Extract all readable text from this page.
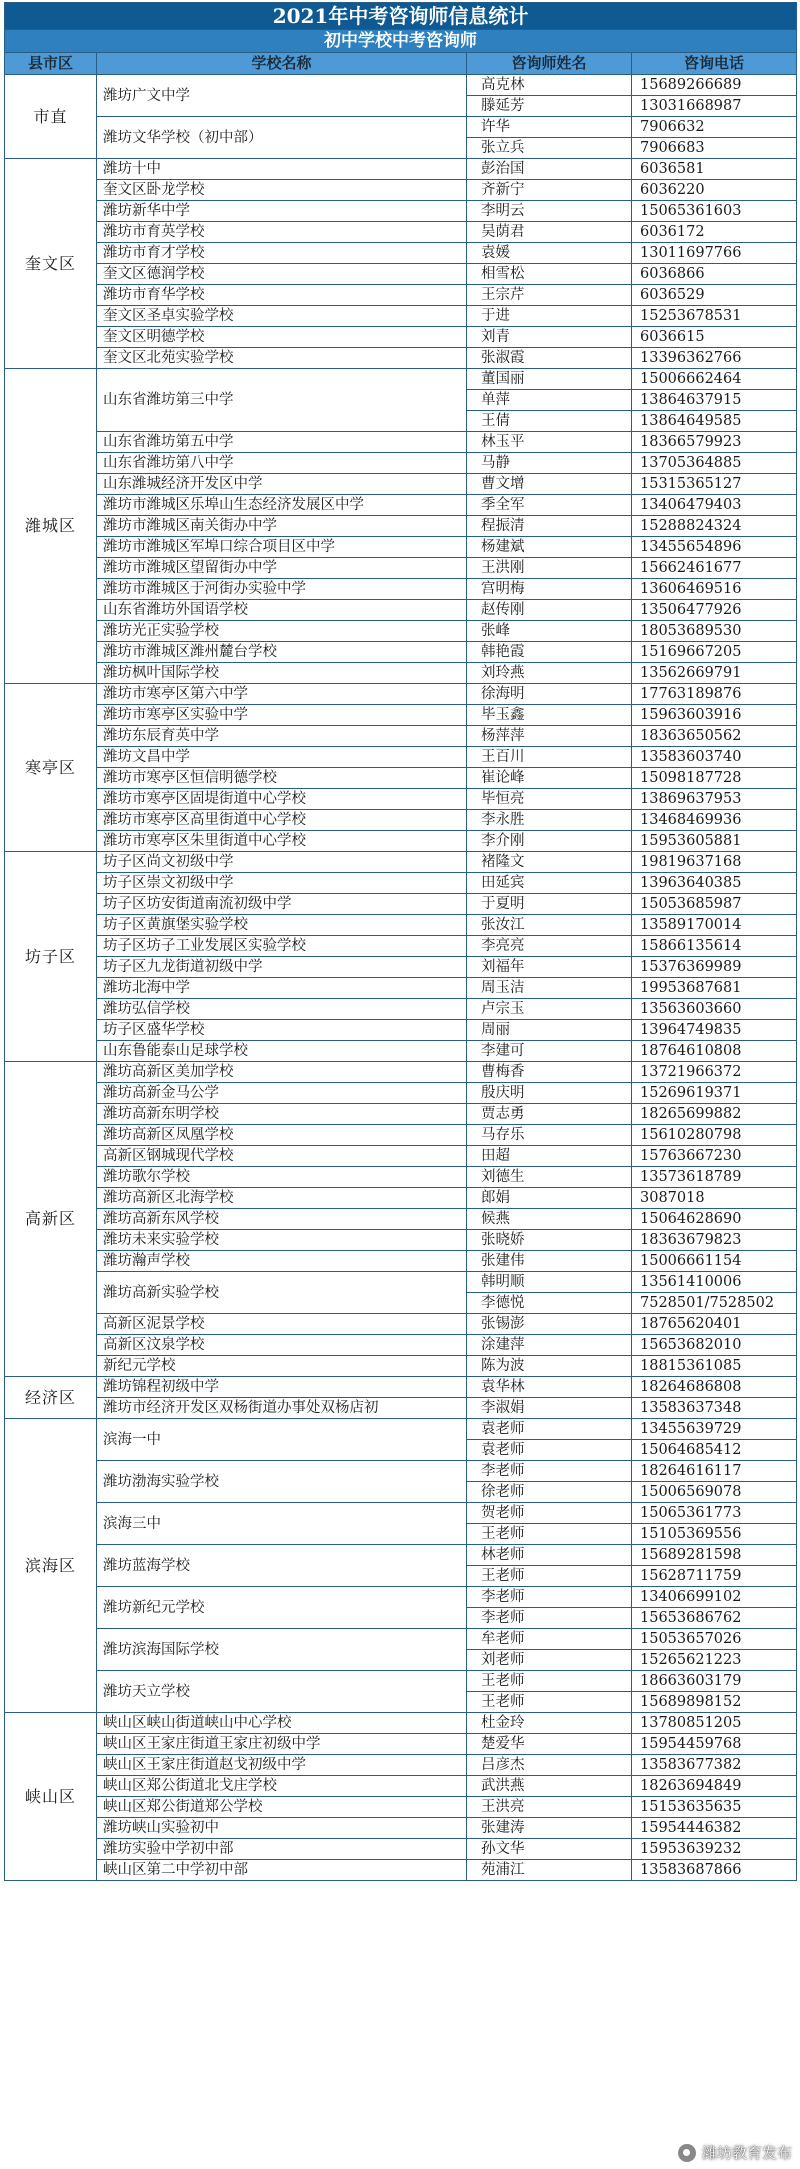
2021年中考咨询师信息统计			
初中学校中考咨询师			
县市区	学校名称	咨询师姓名	咨询电话
市直	潍坊广文中学	高克林	15689266689
		滕延芳	13031668987
	潍坊文华学校（初中部）	许华	7906632
		张立兵	7906683
奎文区	潍坊十中	彭治国	6036581
	奎文区卧龙学校	齐新宁	6036220
	潍坊新华中学	李明云	15065361603
	潍坊市育英学校	吴荫君	6036172
	潍坊市育才学校	袁媛	13011697766
	奎文区德润学校	相雪松	6036866
	潍坊市育华学校	王宗芹	6036529
	奎文区圣卓实验学校	于进	15253678531
	奎文区明德学校	刘青	6036615
	奎文区北苑实验学校	张淑霞	13396362766
潍城区	山东省潍坊第三中学	董国丽	15006662464
		单萍	13864637915
		王倩	13864649585
	山东省潍坊第五中学	林玉平	18366579923
	山东省潍坊第八中学	马静	13705364885
	山东潍城经济开发区中学	曹文增	15315365127
	潍坊市潍城区乐埠山生态经济发展区中学	季全军	13406479403
	潍坊市潍城区南关街办中学	程振清	15288824324
	潍坊市潍城区军埠口综合项目区中学	杨建斌	13455654896
	潍坊市潍城区望留街办中学	王洪刚	15662461677
	潍坊市潍城区于河街办实验中学	宫明梅	13606469516
	山东省潍坊外国语学校	赵传刚	13506477926
	潍坊光正实验学校	张峰	18053689530
	潍坊市潍城区潍州麓台学校	韩艳霞	15169667205
	潍坊枫叶国际学校	刘玲燕	13562669791
寒亭区	潍坊市寒亭区第六中学	徐海明	17763189876
	潍坊市寒亭区实验中学	毕玉鑫	15963603916
	潍坊东辰育英中学	杨萍萍	18363650562
	潍坊文昌中学	王百川	13583603740
	潍坊市寒亭区恒信明德学校	崔论峰	15098187728
	潍坊市寒亭区固堤街道中心学校	毕恒亮	13869637953
	潍坊市寒亭区高里街道中心学校	李永胜	13468469936
	潍坊市寒亭区朱里街道中心学校	李介刚	15953605881
坊子区	坊子区尚文初级中学	褚隆文	19819637168
	坊子区崇文初级中学	田延宾	13963640385
	坊子区坊安街道南流初级中学	于夏明	15053685987
	坊子区黄旗堡实验学校	张汝江	13589170014
	坊子区坊子工业发展区实验学校	李亮亮	15866135614
	坊子区九龙街道初级中学	刘福年	15376369989
	潍坊北海中学	周玉洁	19953687681
	潍坊弘信学校	卢宗玉	13563603660
	坊子区盛华学校	周丽	13964749835
	山东鲁能泰山足球学校	李建可	18764610808
高新区	潍坊高新区美加学校	曹梅香	13721966372
	潍坊高新金马公学	殷庆明	15269619371
	潍坊高新东明学校	贾志勇	18265699882
	潍坊高新区凤凰学校	马存乐	15610280798
	高新区钢城现代学校	田超	15763667230
	潍坊歌尔学校	刘德生	13573618789
	潍坊高新区北海学校	郎娟	3087018
	潍坊高新东风学校	候燕	15064628690
	潍坊未来实验学校	张晓娇	18363679823
	潍坊瀚声学校	张建伟	15006661154
	潍坊高新实验学校	韩明顺	13561410006
		李德悦	7528501/7528502
	高新区泥景学校	张锡澎	18765620401
	高新区汶泉学校	涂建萍	15653682010
	新纪元学校	陈为波	18815361085
经济区	潍坊锦程初级中学	袁华林	18264686808
	潍坊市经济开发区双杨街道办事处双杨店初	李淑娟	13583637348
滨海区	滨海一中	袁老师	13455639729
		袁老师	15064685412
	潍坊渤海实验学校	李老师	18264616117
		徐老师	15006569078
	滨海三中	贺老师	15065361773
		王老师	15105369556
	潍坊蓝海学校	林老师	15689281598
		王老师	15628711759
	潍坊新纪元学校	李老师	13406699102
		李老师	15653686762
	潍坊滨海国际学校	牟老师	15053657026
		刘老师	15265621223
	潍坊天立学校	王老师	18663603179
		王老师	15689898152
峡山区	峡山区峡山街道峡山中心学校	杜金玲	13780851205
	峡山区王家庄街道王家庄初级中学	楚爱华	15954459768
	峡山区王家庄街道赵戈初级中学	吕彦杰	13583677382
	峡山区郑公街道北戈庄学校	武洪燕	18263694849
	峡山区郑公街道郑公学校	王洪亮	15153635635
	潍坊峡山实验初中	张建涛	15954446382
	潍坊实验中学初中部	孙文华	15953639232
	峡山区第二中学初中部	苑浦江	13583687866
潍坊教育发布
